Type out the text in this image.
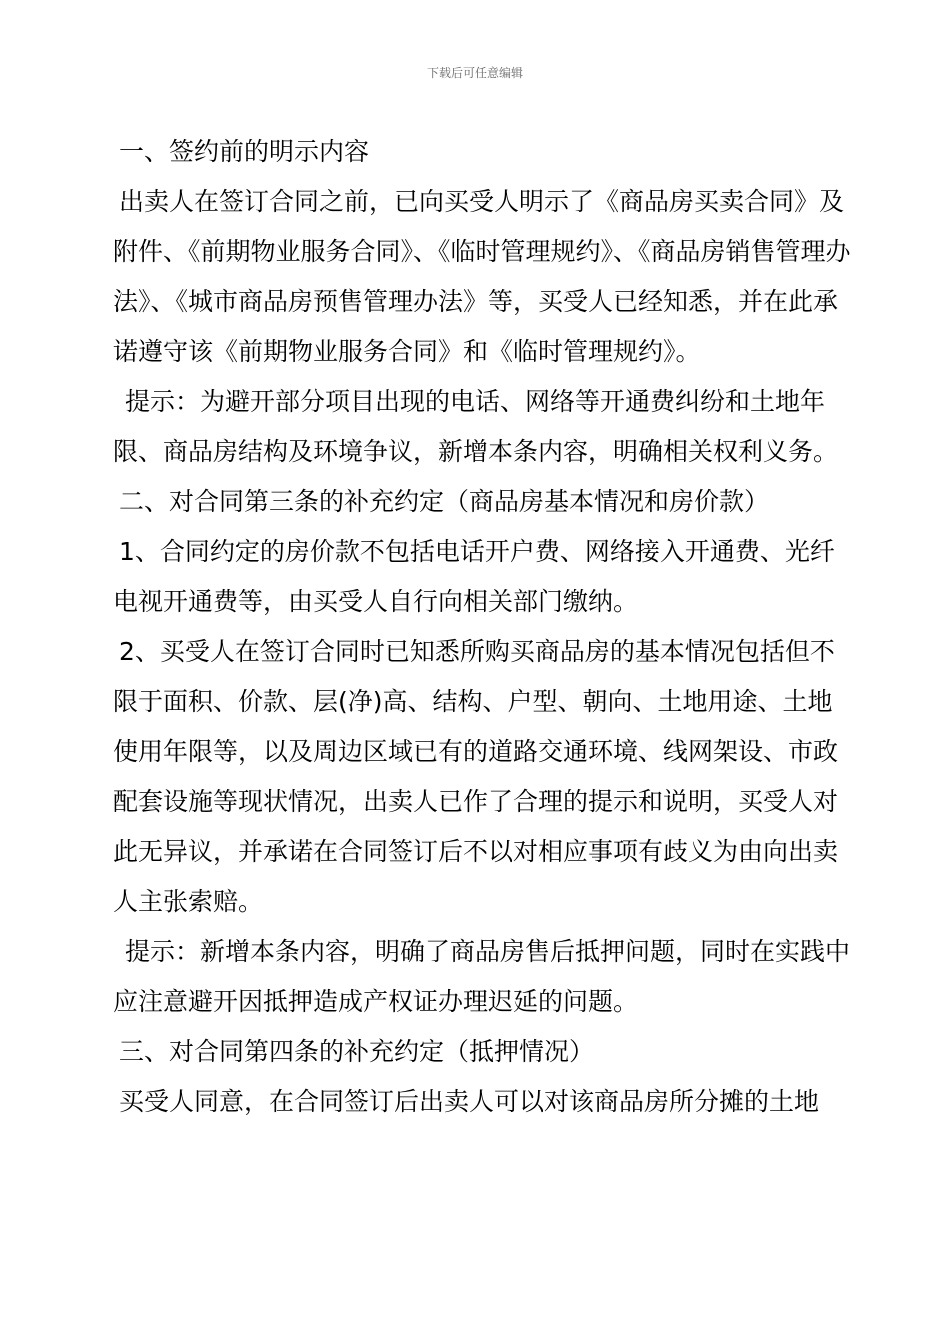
下载后可任意编辑

一、签约前的明示内容

出卖人在签订合同之前，已向买受人明示了《商品房买卖合同》及附件、《前期物业服务合同》、《临时管理规约》、《商品房销售管理办法》、《城市商品房预售管理办法》等，买受人已经知悉，并在此承诺遵守该《前期物业服务合同》和《临时管理规约》。

提示：为避开部分项目出现的电话、网络等开通费纠纷和土地年限、商品房结构及环境争议，新增本条内容，明确相关权利义务。

二、对合同第三条的补充约定（商品房基本情况和房价款）

1、合同约定的房价款不包括电话开户费、网络接入开通费、光纤电视开通费等，由买受人自行向相关部门缴纳。

2、买受人在签订合同时已知悉所购买商品房的基本情况包括但不限于面积、价款、层(净)高、结构、户型、朝向、土地用途、土地使用年限等，以及周边区域已有的道路交通环境、线网架设、市政配套设施等现状情况，出卖人已作了合理的提示和说明，买受人对此无异议，并承诺在合同签订后不以对相应事项有歧义为由向出卖人主张索赔。

提示：新增本条内容，明确了商品房售后抵押问题，同时在实践中应注意避开因抵押造成产权证办理迟延的问题。

三、对合同第四条的补充约定（抵押情况）

买受人同意，在合同签订后出卖人可以对该商品房所分摊的土地
